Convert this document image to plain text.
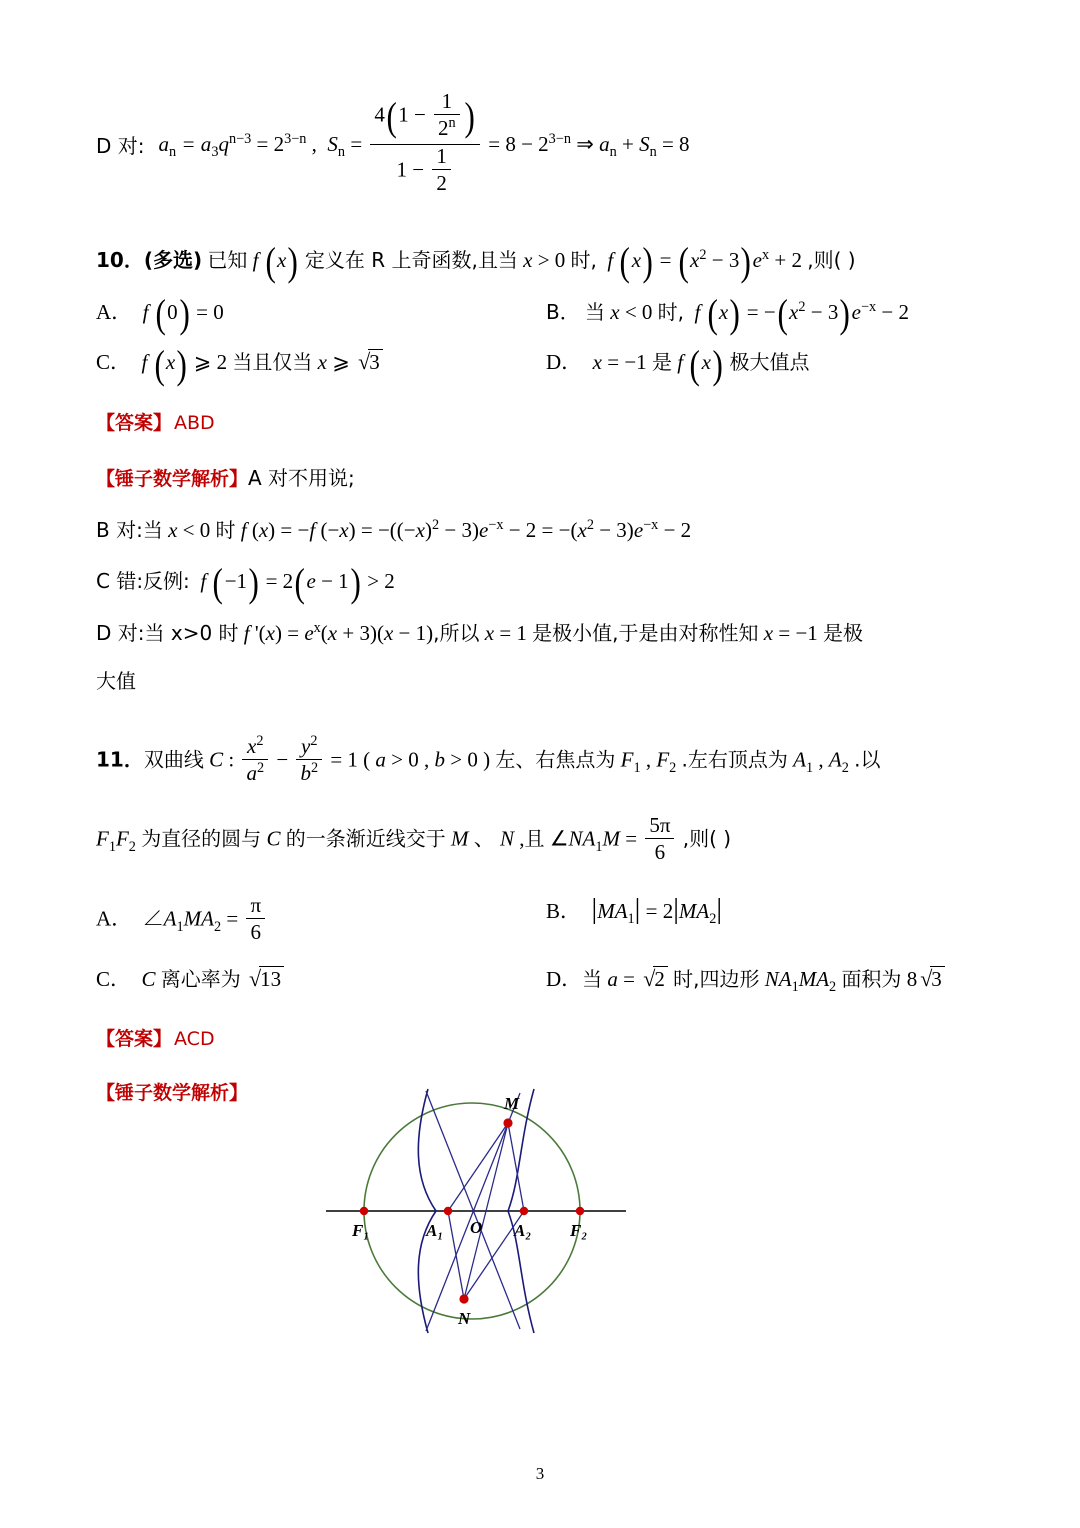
D 对: $a_n = a_3q^{n-3} = 2^{3-n}$ ,  $S_n = \frac{4(1 - \frac{1}{2^n} )}{1 - \frac{1}{2}} = 8 - 2^{3-n}$ ⇒ $a_n + S_n = 8$
10．(多选) 已知 f (x) 定义在 R 上奇函数,且当 x > 0 时, f $(x) = (x^2 - 3)e^x + 2$ ,则( )
A． f (0) = 0	B． 当 x < 0 时, f $(x) = -(x^2 - 3)e^{-x} - 2$
C． f (x) ⩾ 2 当且仅当 x ⩾ √3	D． x = −1 是 f (x) 极大值点
【答案】 ABD
【锤子数学解析】A 对不用说;
B 对:当 x < 0 时 f (x) = −f $(-x) = -((-x)^2 - 3)e^{-x} - 2 = -(x^2 - 3)e^{-x} - 2$
C 错:反例: f (−1) = 2(e − 1) > 2
D 对:当 x>0 时 f '$(x) = e^x(x + 3)(x - 1)$,所以 x = 1 是极小值,于是由对称性知 x = −1 是极
大值
11．双曲线 C : $\frac{x^2}{a^2} - \frac{y^2}{b^2} = 1$ ( a > 0 , b > 0 ) 左、右焦点为 $F_1$ , $F_2$ .左右顶点为 $A_1$ , $A_2$ .以
$F_1F_2$ 为直径的圆与 C 的一条渐近线交于 M 、 N ,且 $\angle NA_1M = \frac{5\pi}{6}$ ,则( )
A．  $\angle A_1MA_2 = \frac{\pi}{6}$	B． $|MA_1| = 2|MA_2|$
C． C 离心率为 √13	D．当 a = √2 时,四边形 $NA_1MA_2$ 面积为 8 √3
【答案】 ACD
【锤子数学解析】	M
N
O
F₁	F₂
A₁	A₂
3
